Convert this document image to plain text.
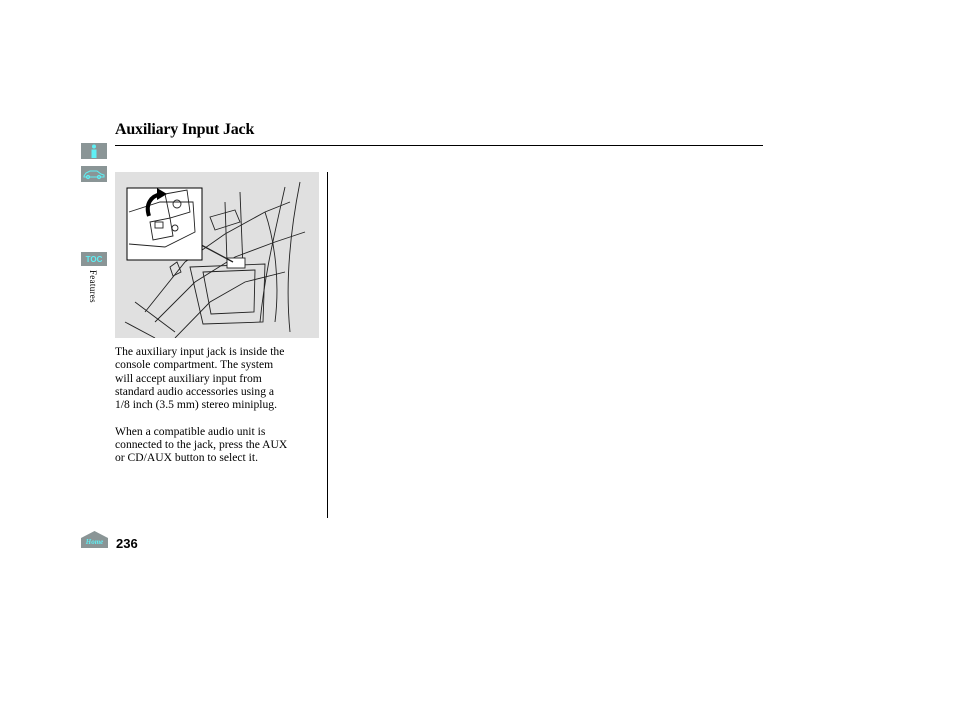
Auxiliary Input Jack
TOC
Features

The auxiliary input jack is inside the
console compartment. The system
will accept auxiliary input from
standard audio accessories using a
1/8 inch (3.5 mm) stereo miniplug.

When a compatible audio unit is
connected to the jack, press the AUX
or CD/AUX button to select it.

Home 236
